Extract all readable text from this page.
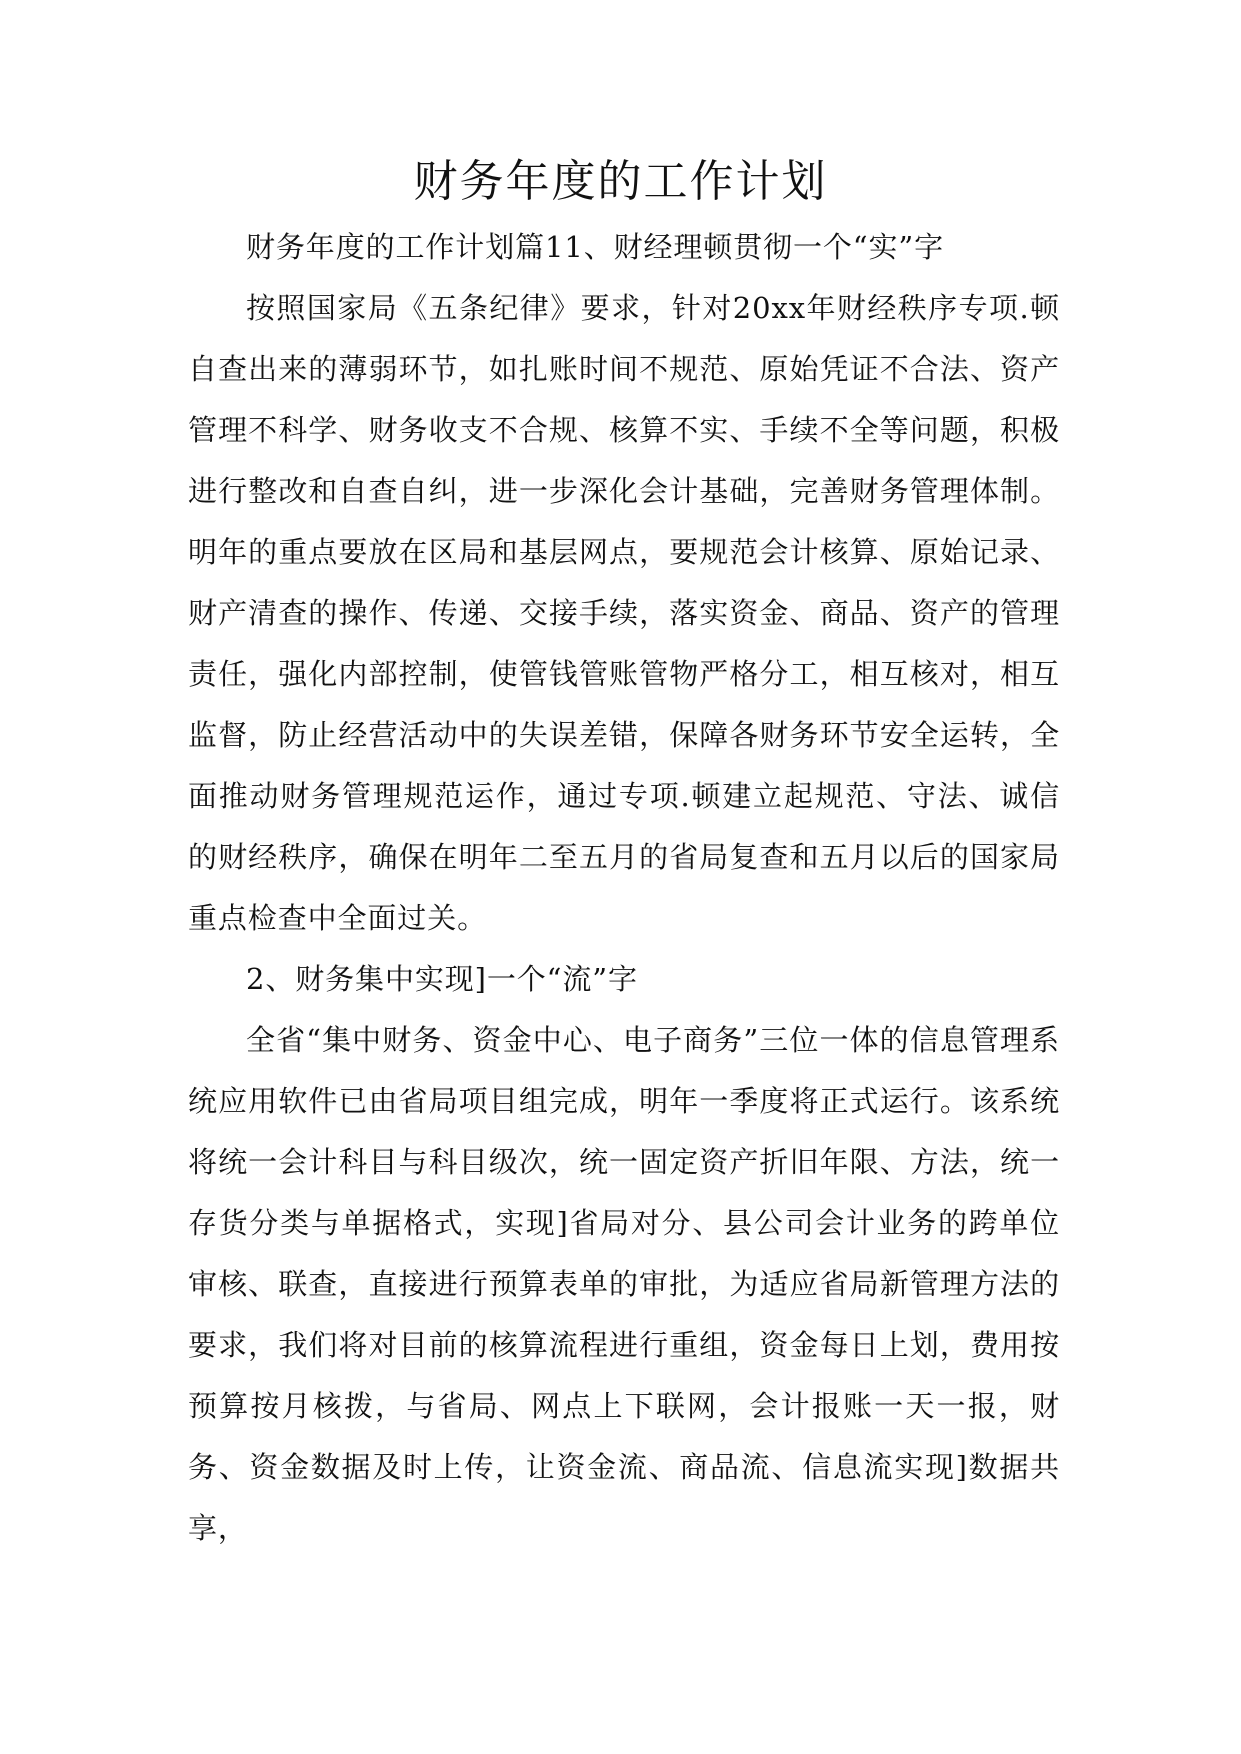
财务年度的工作计划

财务年度的工作计划篇11、财经理顿贯彻一个“实”字

按照国家局《五条纪律》要求，针对20xx年财经秩序专项.顿自查出来的薄弱环节，如扎账时间不规范、原始凭证不合法、资产管理不科学、财务收支不合规、核算不实、手续不全等问题，积极进行整改和自查自纠，进一步深化会计基础，完善财务管理体制。明年的重点要放在区局和基层网点，要规范会计核算、原始记录、财产清查的操作、传递、交接手续，落实资金、商品、资产的管理责任，强化内部控制，使管钱管账管物严格分工，相互核对，相互监督，防止经营活动中的失误差错，保障各财务环节安全运转，全面推动财务管理规范运作，通过专项.顿建立起规范、守法、诚信的财经秩序，确保在明年二至五月的省局复查和五月以后的国家局重点检查中全面过关。

2、财务集中实现]一个“流”字

全省“集中财务、资金中心、电子商务”三位一体的信息管理系统应用软件已由省局项目组完成，明年一季度将正式运行。该系统将统一会计科目与科目级次，统一固定资产折旧年限、方法，统一存货分类与单据格式，实现]省局对分、县公司会计业务的跨单位审核、联查，直接进行预算表单的审批，为适应省局新管理方法的要求，我们将对目前的核算流程进行重组，资金每日上划，费用按预算按月核拨，与省局、网点上下联网，会计报账一天一报，财务、资金数据及时上传，让资金流、商品流、信息流实现]数据共享，
